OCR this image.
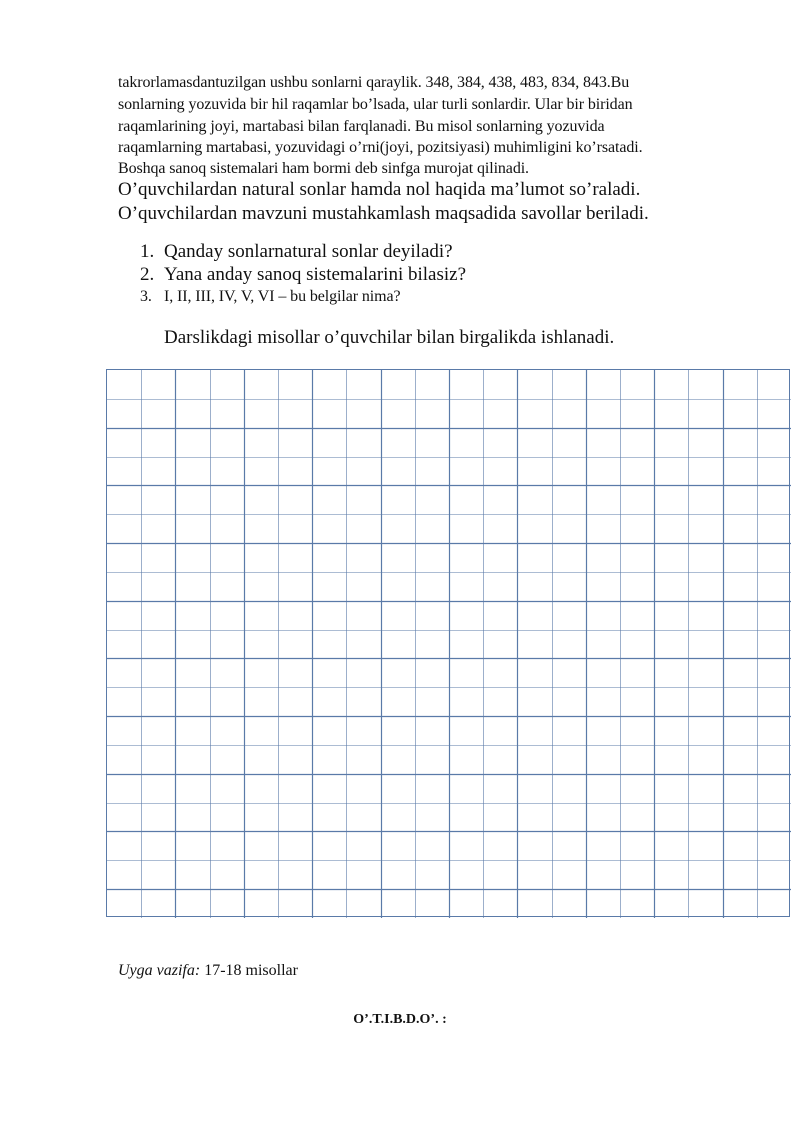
takrorlamasdantuzilgan ushbu sonlarni qaraylik. 348, 384, 438, 483, 834, 843.Bu
sonlarning yozuvida bir hil raqamlar bo’lsada, ular turli sonlardir. Ular bir biridan
raqamlarining joyi, martabasi bilan farqlanadi. Bu misol sonlarning yozuvida
raqamlarning martabasi, yozuvidagi o’rni(joyi, pozitsiyasi) muhimligini ko’rsatadi.
Boshqa sanoq sistemalari ham bormi deb sinfga murojat qilinadi.
O’quvchilardan natural sonlar hamda nol haqida ma’lumot so’raladi.
O’quvchilardan mavzuni mustahkamlash maqsadida savollar beriladi.
1. Qanday sonlarnatural sonlar deyiladi?
2. Yana anday sanoq sistemalarini bilasiz?
3. I, II, III, IV, V, VI – bu belgilar nima?
Darslikdagi misollar o’quvchilar bilan birgalikda ishlanadi.
Uyga vazifa: 17-18 misollar
O’.T.I.B.D.O’. :
